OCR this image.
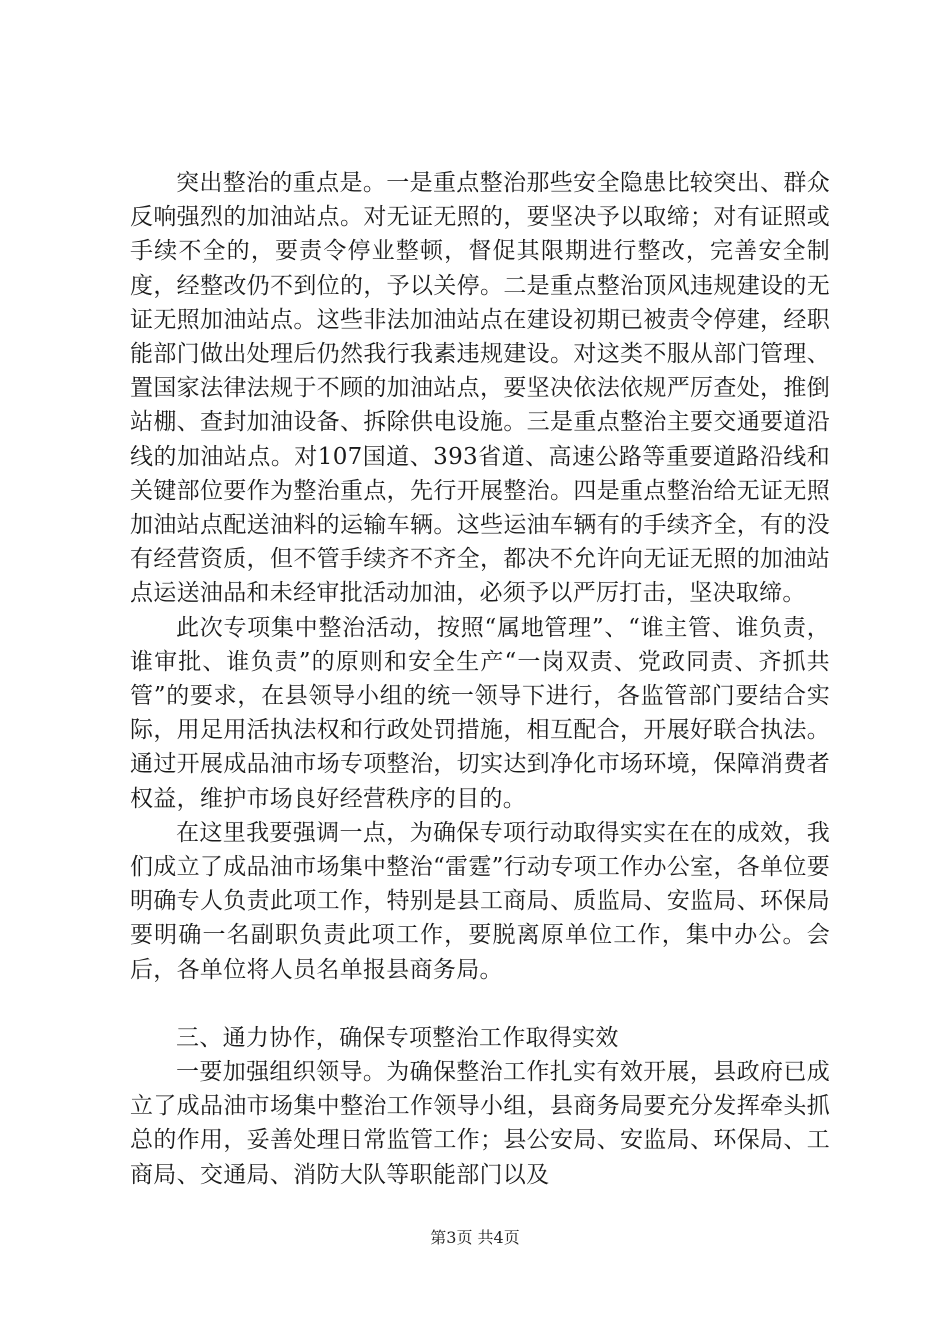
突出整治的重点是。一是重点整治那些安全隐患比较突出、群众反响强烈的加油站点。对无证无照的，要坚决予以取缔；对有证照或手续不全的，要责令停业整顿，督促其限期进行整改，完善安全制度，经整改仍不到位的，予以关停。二是重点整治顶风违规建设的无证无照加油站点。这些非法加油站点在建设初期已被责令停建，经职能部门做出处理后仍然我行我素违规建设。对这类不服从部门管理、置国家法律法规于不顾的加油站点，要坚决依法依规严厉查处，推倒站棚、查封加油设备、拆除供电设施。三是重点整治主要交通要道沿线的加油站点。对107国道、393省道、高速公路等重要道路沿线和关键部位要作为整治重点，先行开展整治。四是重点整治给无证无照加油站点配送油料的运输车辆。这些运油车辆有的手续齐全，有的没有经营资质，但不管手续齐不齐全，都决不允许向无证无照的加油站点运送油品和未经审批活动加油，必须予以严厉打击，坚决取缔。

此次专项集中整治活动，按照“属地管理”、“谁主管、谁负责，谁审批、谁负责”的原则和安全生产“一岗双责、党政同责、齐抓共管”的要求，在县领导小组的统一领导下进行，各监管部门要结合实际，用足用活执法权和行政处罚措施，相互配合，开展好联合执法。通过开展成品油市场专项整治，切实达到净化市场环境，保障消费者权益，维护市场良好经营秩序的目的。

在这里我要强调一点，为确保专项行动取得实实在在的成效，我们成立了成品油市场集中整治“雷霆”行动专项工作办公室，各单位要明确专人负责此项工作，特别是县工商局、质监局、安监局、环保局要明确一名副职负责此项工作，要脱离原单位工作，集中办公。会后，各单位将人员名单报县商务局。

三、通力协作，确保专项整治工作取得实效

一要加强组织领导。为确保整治工作扎实有效开展，县政府已成立了成品油市场集中整治工作领导小组，县商务局要充分发挥牵头抓总的作用，妥善处理日常监管工作；县公安局、安监局、环保局、工商局、交通局、消防大队等职能部门以及

第3页 共4页
